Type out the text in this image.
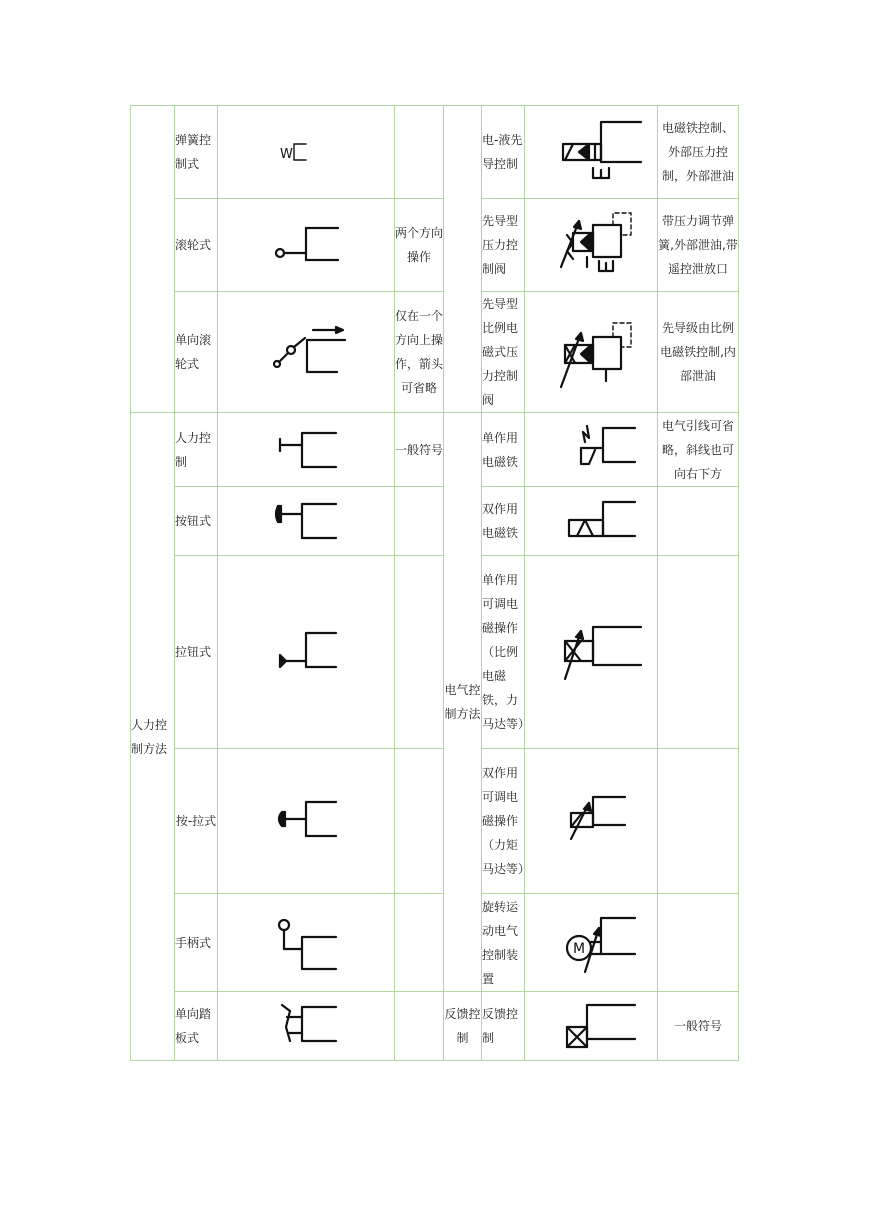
	弹簧控制式	W			电-液先导控制		电磁铁控制、外部压力控制，外部泄油
	滚轮式		两个方向操作		先导型压力控制阀		带压力调节弹簧,外部泄油,带遥控泄放口
	单向滚轮式		仅在一个方向上操作，箭头可省略		先导型比例电磁式压力控制阀		先导级由比例电磁铁控制,内部泄油
人力控制方法	人力控制		一般符号	电气控制方法	单作用电磁铁		电气引线可省略，斜线也可向右下方
	按钮式				双作用电磁铁	

	拉钮式				单作用可调电磁操作（比例电磁铁，力马达等）	

	按-拉式				双作用可调电磁操作（力矩马达等）	

	手柄式				旋转运动电气控制装置	M	

	单向踏板式			反馈控制	反馈控制		一般符号
